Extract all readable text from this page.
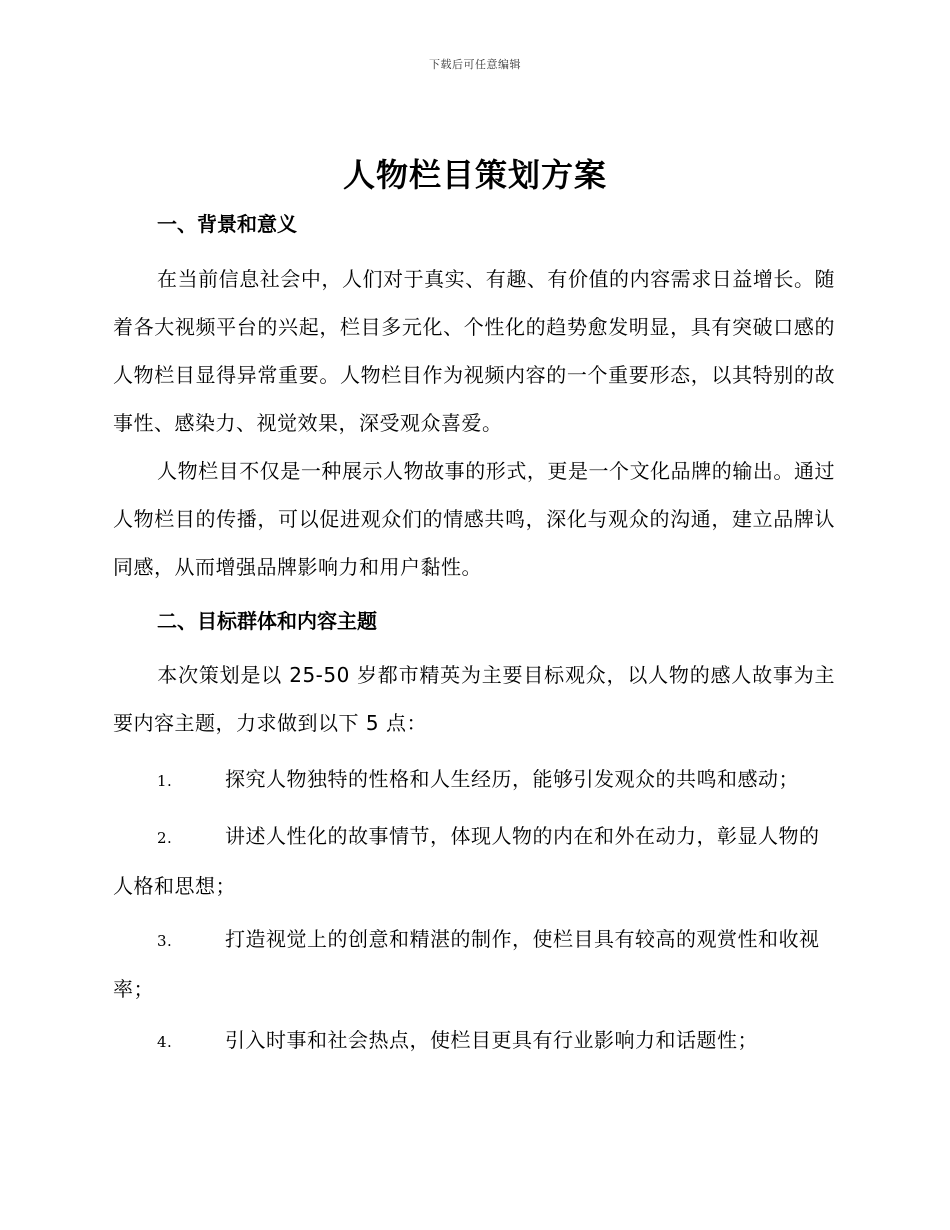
下载后可任意编辑
人物栏目策划方案
一、背景和意义

在当前信息社会中，人们对于真实、有趣、有价值的内容需求日益增长。随着各大视频平台的兴起，栏目多元化、个性化的趋势愈发明显，具有突破口感的人物栏目显得异常重要。人物栏目作为视频内容的一个重要形态，以其特别的故事性、感染力、视觉效果，深受观众喜爱。

人物栏目不仅是一种展示人物故事的形式，更是一个文化品牌的输出。通过人物栏目的传播，可以促进观众们的情感共鸣，深化与观众的沟通，建立品牌认同感，从而增强品牌影响力和用户黏性。

二、目标群体和内容主题

本次策划是以 25-50 岁都市精英为主要目标观众，以人物的感人故事为主要内容主题，力求做到以下 5 点：

1.	探究人物独特的性格和人生经历，能够引发观众的共鸣和感动；

2.	讲述人性化的故事情节，体现人物的内在和外在动力，彰显人物的人格和思想；

3.	打造视觉上的创意和精湛的制作，使栏目具有较高的观赏性和收视率；

4.	引入时事和社会热点，使栏目更具有行业影响力和话题性；
